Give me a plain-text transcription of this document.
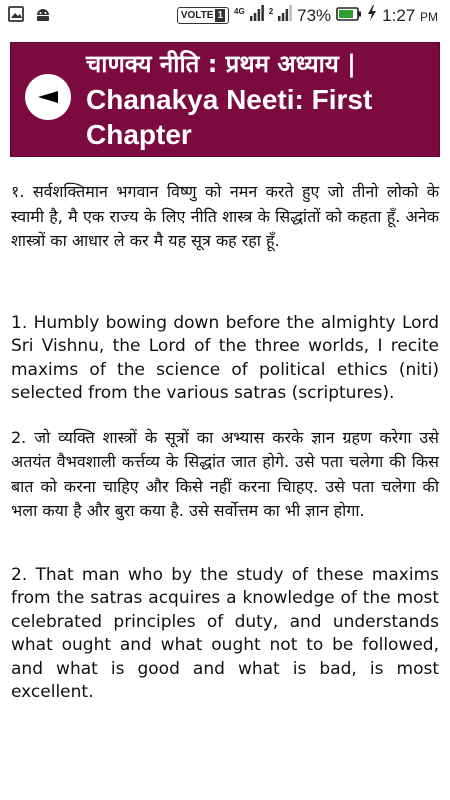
VOLTE 1 4G	2 73%	1:27 PM
चाणक्य नीति : प्रथम अध्याय |
Chanakya Neeti: First Chapter

१. सर्वशक्तिमान भगवान विष्णु को नमन करते हुए जो तीनो लोको के स्वामी है, मै एक राज्य के लिए नीति शास्त्र के सिद्धांतों को कहता हूँ. अनेक शास्त्रों का आधार ले कर मै यह सूत्र कह रहा हूँ.

1. Humbly bowing down before the almighty Lord Sri Vishnu, the Lord of the three worlds, I recite maxims of the science of political ethics (niti) selected from the various satras (scriptures).

2. जो व्यक्ति शास्त्रों के सूत्रों का अभ्यास करके ज्ञान ग्रहण करेगा उसे अतयंत वैभवशाली कर्त्तव्य के सिद्धांत जात होगे. उसे पता चलेगा की किस बात को करना चाहिए और किसे नहीं करना चिाहए. उसे पता चलेगा की भला कया है और बुरा कया है. उसे सर्वोत्तम का भी ज्ञान होगा.

2. That man who by the study of these maxims from the satras acquires a knowledge of the most celebrated principles of duty, and understands what ought and what ought not to be followed, and what is good and what is bad, is most excellent.
